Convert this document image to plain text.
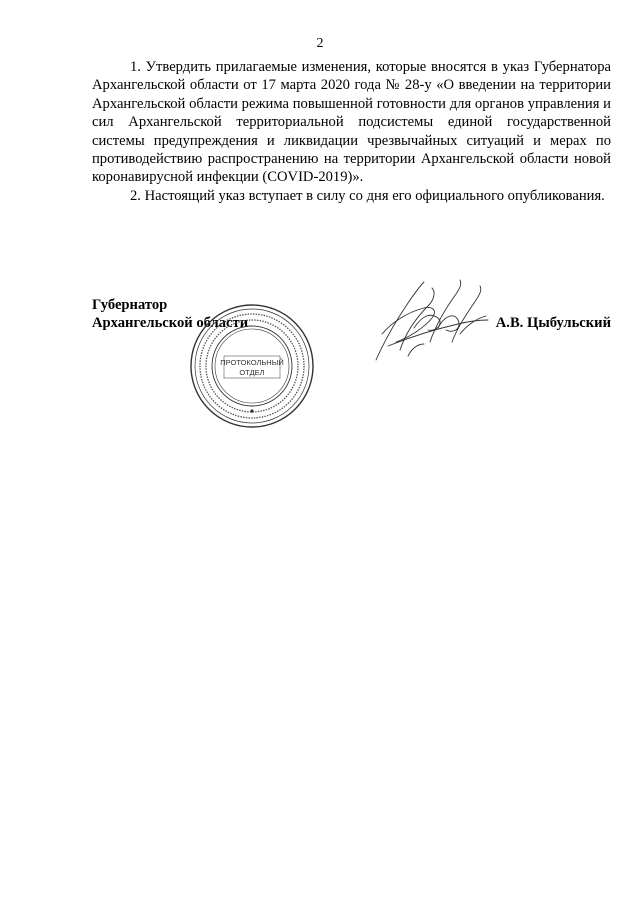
2

1. Утвердить прилагаемые изменения, которые вносятся в указ Губернатора Архангельской области от 17 марта 2020 года № 28-у «О введении на территории Архангельской области режима повышенной готовности для органов управления и сил Архангельской территориальной подсистемы единой государственной системы предупреждения и ликвидации чрезвычайных ситуаций и мерах по противодействию распространению на территории Архангельской области новой коронавирусной инфекции (COVID-2019)».

2. Настоящий указ вступает в силу со дня его официального опубликования.

Губернатор
Архангельской области	А.В. Цыбульский
ПРОТОКОЛЬНЫЙ
ОТДЕЛ
